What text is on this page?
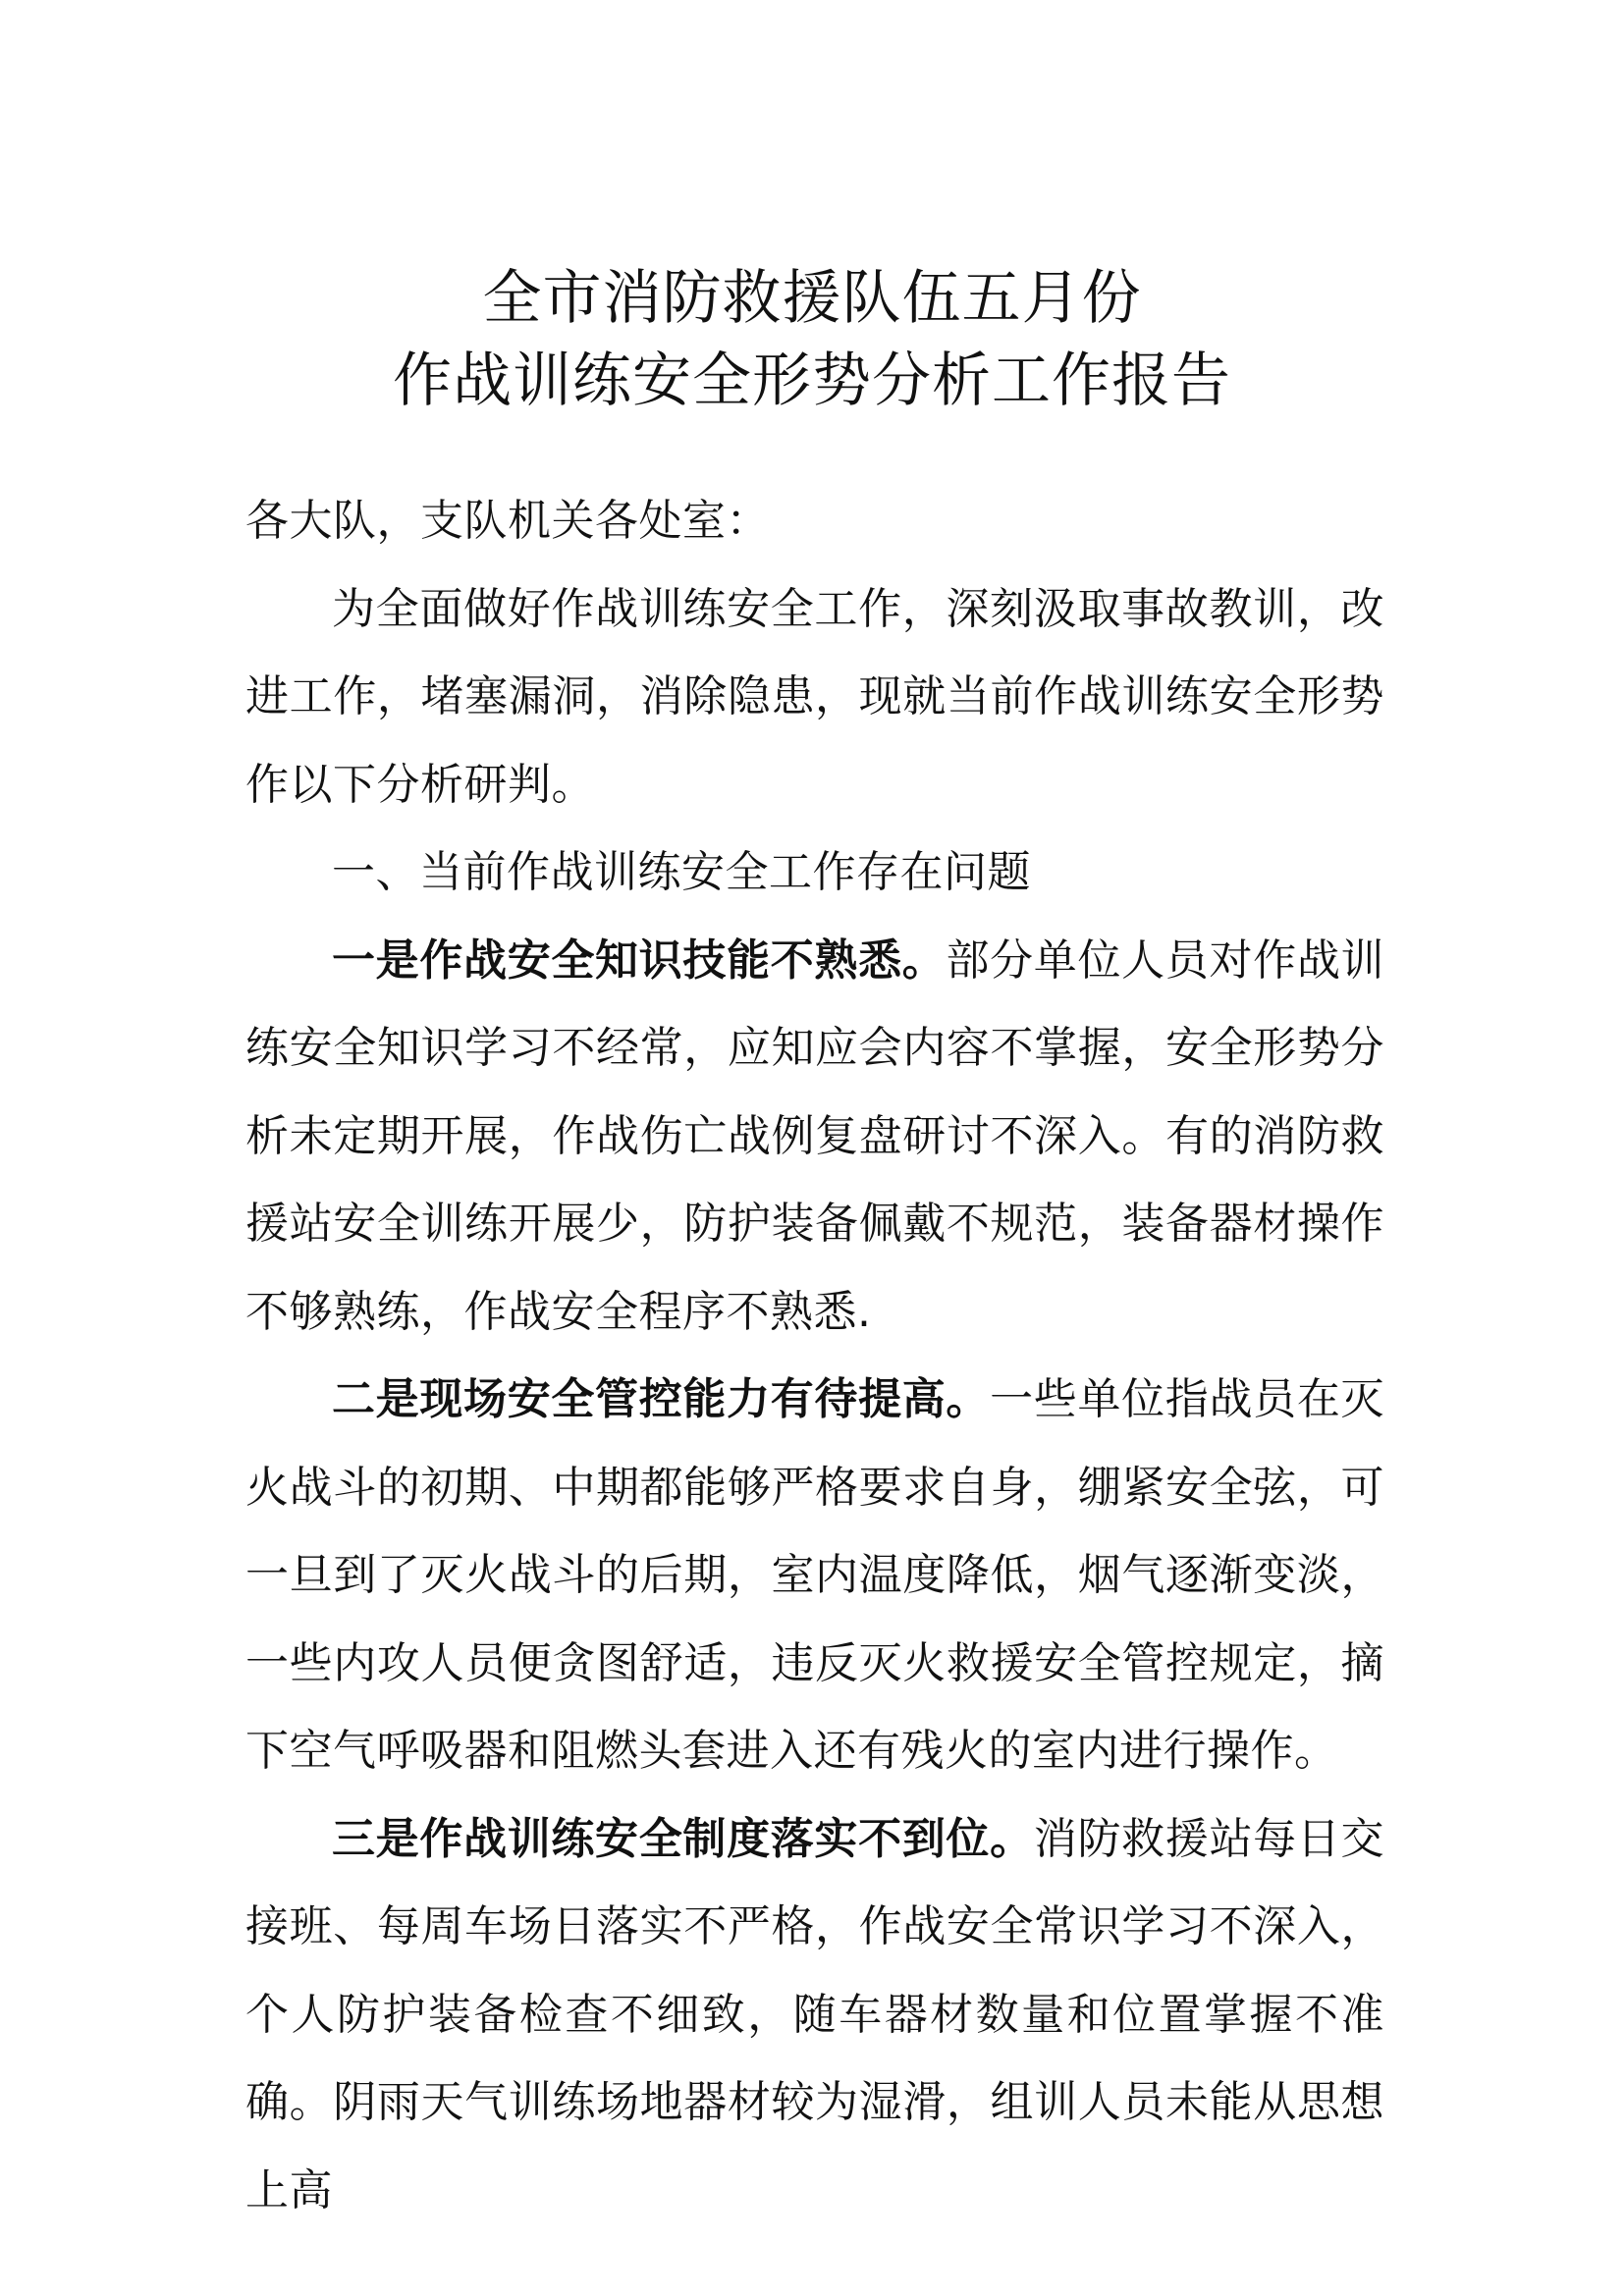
全市消防救援队伍五月份
作战训练安全形势分析工作报告

各大队，支队机关各处室：

为全面做好作战训练安全工作，深刻汲取事故教训，改进工作，堵塞漏洞，消除隐患，现就当前作战训练安全形势作以下分析研判。

一、当前作战训练安全工作存在问题

一是作战安全知识技能不熟悉。部分单位人员对作战训练安全知识学习不经常，应知应会内容不掌握，安全形势分析未定期开展，作战伤亡战例复盘研讨不深入。有的消防救援站安全训练开展少，防护装备佩戴不规范，装备器材操作不够熟练，作战安全程序不熟悉.

二是现场安全管控能力有待提高。一些单位指战员在灭火战斗的初期、中期都能够严格要求自身，绷紧安全弦，可一旦到了灭火战斗的后期，室内温度降低，烟气逐渐变淡，一些内攻人员便贪图舒适，违反灭火救援安全管控规定，摘下空气呼吸器和阻燃头套进入还有残火的室内进行操作。

三是作战训练安全制度落实不到位。消防救援站每日交接班、每周车场日落实不严格，作战安全常识学习不深入，个人防护装备检查不细致，随车器材数量和位置掌握不准确。阴雨天气训练场地器材较为湿滑，组训人员未能从思想上高
